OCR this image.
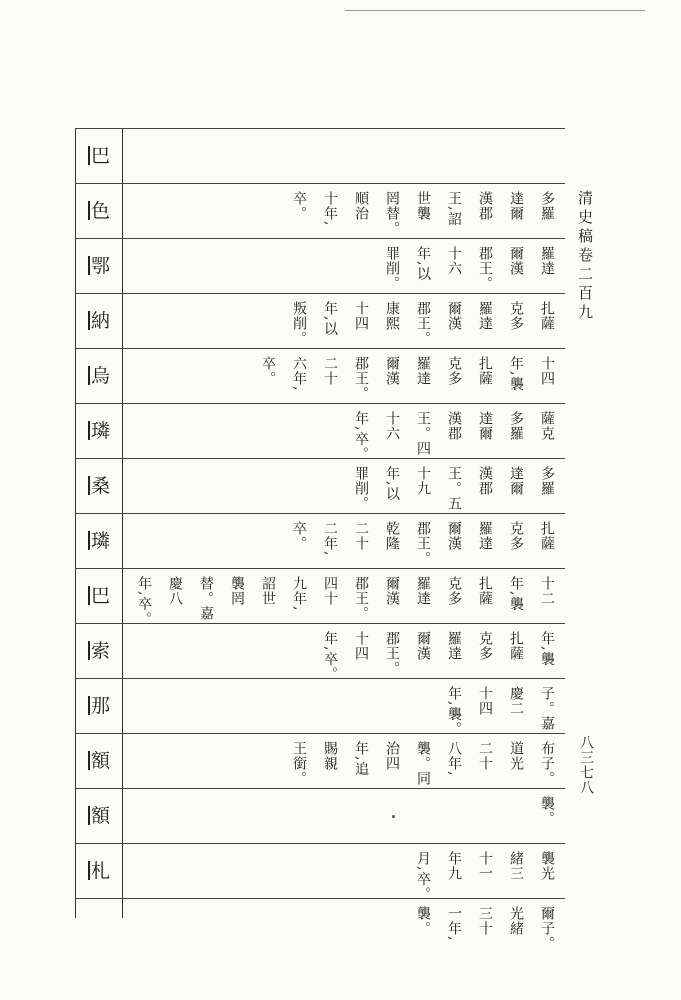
清史稿卷二百九
八三七八
巴
色
鄂
納
烏
璘
桑
璘
巴
索
那
額
額
札
多羅
達爾
漢郡
王,詔
世襲
罔替。
順治
十年,
卒。
羅達
爾漢
郡王。
十六
年,以
罪削。
扎薩
克多
羅達
爾漢
郡王。
康熙
十四
年,以
叛削。
十四
年,襲
扎薩
克多
羅達
爾漢
郡王。
二十
六年,
卒。
薩克
多羅
達爾
漢郡
王。四
十六
年,卒。
多羅
達爾
漢郡
王。五
十九
年,以
罪削。
扎薩
克多
羅達
爾漢
郡王。
乾隆
二十
二年,
卒。
十二
年,襲
扎薩
克多
羅達
爾漢
郡王。
四十
九年,
詔世
襲罔
替。嘉
慶八
年,卒。
年,襲
扎薩
克多
羅達
爾漢
郡王。
十四
年,卒。
子。嘉
慶二
十四
年,襲。
布子。
道光
二十
八年,
襲。同
治四
年,追
賜親
王銜。
襲。
襲光
緒三
十一
年九
月,卒。
爾子。
光緒
三十
一年,
襲。
